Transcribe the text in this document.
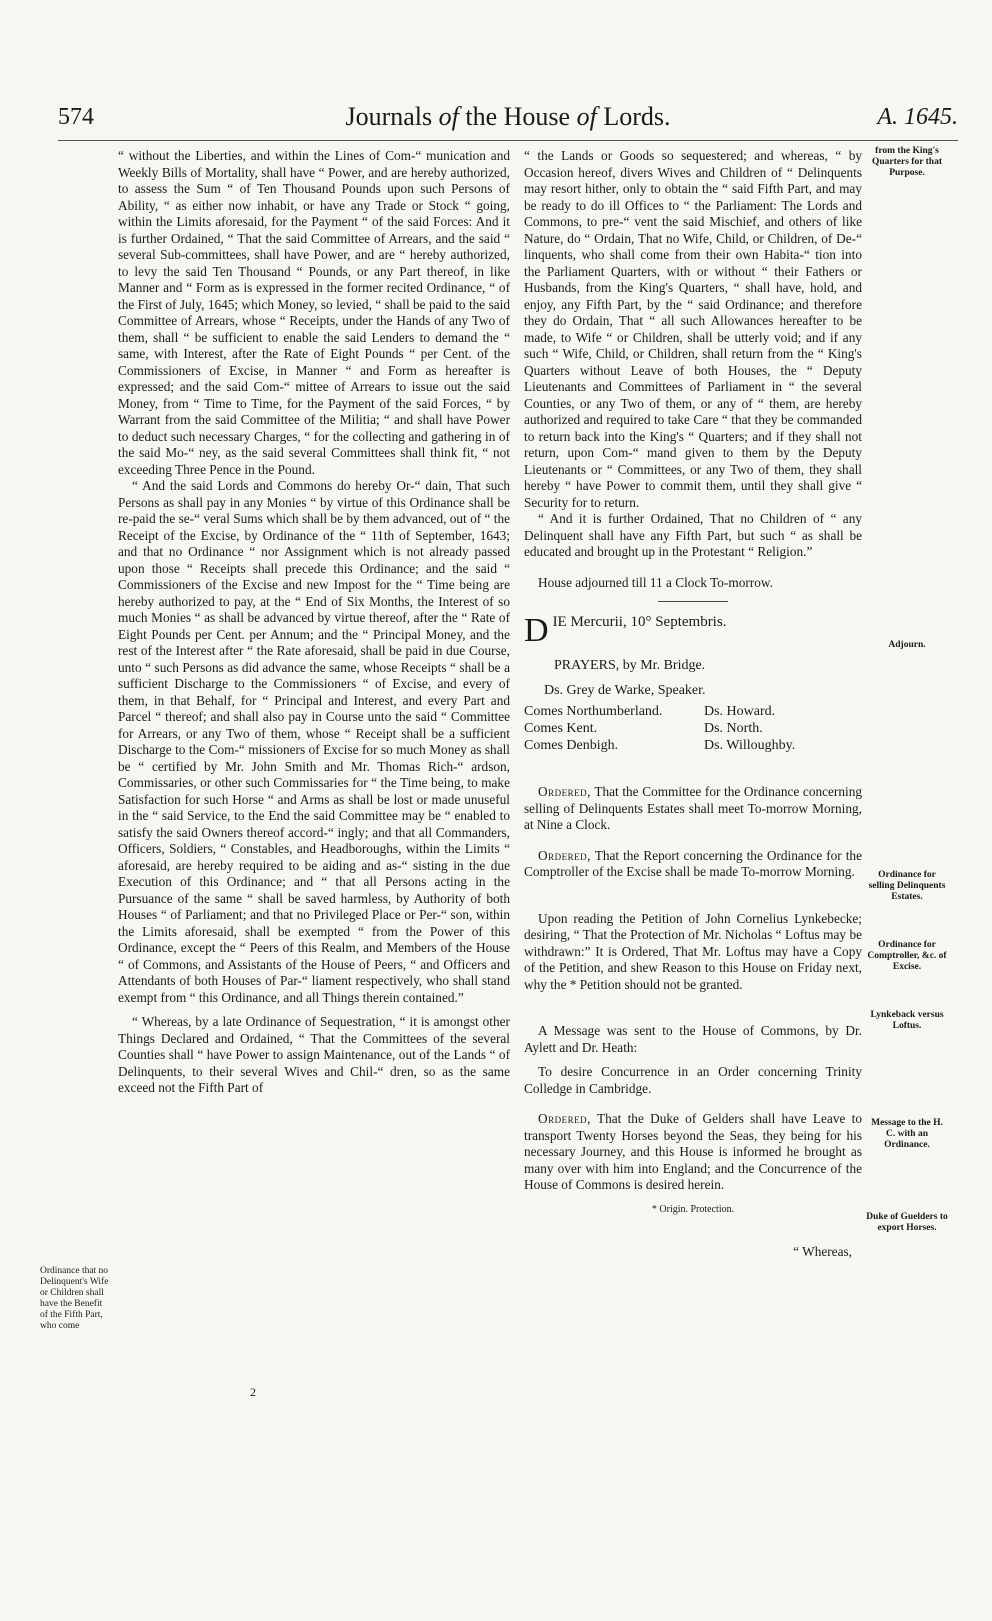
574	Journals of the House of Lords.	A. 1645.

“ without the Liberties, and within the Lines of Com-“ munication and Weekly Bills of Mortality, shall have “ Power, and are hereby authorized, to assess the Sum “ of Ten Thousand Pounds upon such Persons of Ability, “ as either now inhabit, or have any Trade or Stock “ going, within the Limits aforesaid, for the Payment “ of the said Forces: And it is further Ordained, “ That the said Committee of Arrears, and the said “ several Sub-committees, shall have Power, and are “ hereby authorized, to levy the said Ten Thousand “ Pounds, or any Part thereof, in like Manner and “ Form as is expressed in the former recited Ordinance, “ of the First of July, 1645; which Money, so levied, “ shall be paid to the said Committee of Arrears, whose “ Receipts, under the Hands of any Two of them, shall “ be sufficient to enable the said Lenders to demand the “ same, with Interest, after the Rate of Eight Pounds “ per Cent. of the Commissioners of Excise, in Manner “ and Form as hereafter is expressed; and the said Com-“ mittee of Arrears to issue out the said Money, from “ Time to Time, for the Payment of the said Forces, “ by Warrant from the said Committee of the Militia; “ and shall have Power to deduct such necessary Charges, “ for the collecting and gathering in of the said Mo-“ ney, as the said several Committees shall think fit, “ not exceeding Three Pence in the Pound.

“ And the said Lords and Commons do hereby Or-“ dain, That such Persons as shall pay in any Monies “ by virtue of this Ordinance shall be re-paid the se-“ veral Sums which shall be by them advanced, out of “ the Receipt of the Excise, by Ordinance of the “ 11th of September, 1643; and that no Ordinance “ nor Assignment which is not already passed upon those “ Receipts shall precede this Ordinance; and the said “ Commissioners of the Excise and new Impost for the “ Time being are hereby authorized to pay, at the “ End of Six Months, the Interest of so much Monies “ as shall be advanced by virtue thereof, after the “ Rate of Eight Pounds per Cent. per Annum; and the “ Principal Money, and the rest of the Interest after “ the Rate aforesaid, shall be paid in due Course, unto “ such Persons as did advance the same, whose Receipts “ shall be a sufficient Discharge to the Commissioners “ of Excise, and every of them, in that Behalf, for “ Principal and Interest, and every Part and Parcel “ thereof; and shall also pay in Course unto the said “ Committee for Arrears, or any Two of them, whose “ Receipt shall be a sufficient Discharge to the Com-“ missioners of Excise for so much Money as shall be “ certified by Mr. John Smith and Mr. Thomas Rich-“ ardson, Commissaries, or other such Commissaries for “ the Time being, to make Satisfaction for such Horse “ and Arms as shall be lost or made unuseful in the “ said Service, to the End the said Committee may be “ enabled to satisfy the said Owners thereof accord-“ ingly; and that all Commanders, Officers, Soldiers, “ Constables, and Headboroughs, within the Limits “ aforesaid, are hereby required to be aiding and as-“ sisting in the due Execution of this Ordinance; and “ that all Persons acting in the Pursuance of the same “ shall be saved harmless, by Authority of both Houses “ of Parliament; and that no Privileged Place or Per-“ son, within the Limits aforesaid, shall be exempted “ from the Power of this Ordinance, except the “ Peers of this Realm, and Members of the House “ of Commons, and Assistants of the House of Peers, “ and Officers and Attendants of both Houses of Par-“ liament respectively, who shall stand exempt from “ this Ordinance, and all Things therein contained.”

“ Whereas, by a late Ordinance of Sequestration, “ it is amongst other Things Declared and Ordained, “ That the Committees of the several Counties shall “ have Power to assign Maintenance, out of the Lands “ of Delinquents, to their several Wives and Chil-“ dren, so as the same exceed not the Fifth Part of

2

“ the Lands or Goods so sequestered; and whereas, “ by Occasion hereof, divers Wives and Children of “ Delinquents may resort hither, only to obtain the “ said Fifth Part, and may be ready to do ill Offices to “ the Parliament: The Lords and Commons, to pre-“ vent the said Mischief, and others of like Nature, do “ Ordain, That no Wife, Child, or Children, of De-“ linquents, who shall come from their own Habita-“ tion into the Parliament Quarters, with or without “ their Fathers or Husbands, from the King's Quarters, “ shall have, hold, and enjoy, any Fifth Part, by the “ said Ordinance; and therefore they do Ordain, That “ all such Allowances hereafter to be made, to Wife “ or Children, shall be utterly void; and if any such “ Wife, Child, or Children, shall return from the “ King's Quarters without Leave of both Houses, the “ Deputy Lieutenants and Committees of Parliament in “ the several Counties, or any Two of them, or any of “ them, are hereby authorized and required to take Care “ that they be commanded to return back into the King's “ Quarters; and if they shall not return, upon Com-“ mand given to them by the Deputy Lieutenants or “ Committees, or any Two of them, they shall hereby “ have Power to commit them, until they shall give “ Security for to return.

“ And it is further Ordained, That no Children of “ any Delinquent shall have any Fifth Part, but such “ as shall be educated and brought up in the Protestant “ Religion.”

House adjourned till 11 a Clock To-morrow.

D IE Mercurii, 10° Septembris.
PRAYERS, by Mr. Bridge.
Ds. Grey de Warke, Speaker.
Comes Northumberland.
Comes Kent.
Comes Denbigh.
Ds. Howard.
Ds. North.
Ds. Willoughby.

Ordered, That the Committee for the Ordinance concerning selling of Delinquents Estates shall meet To-morrow Morning, at Nine a Clock.

Ordered, That the Report concerning the Ordinance for the Comptroller of the Excise shall be made To-morrow Morning.

Upon reading the Petition of John Cornelius Lynkebecke; desiring, “ That the Protection of Mr. Nicholas “ Loftus may be withdrawn:” It is Ordered, That Mr. Loftus may have a Copy of the Petition, and shew Reason to this House on Friday next, why the * Petition should not be granted.

A Message was sent to the House of Commons, by Dr. Aylett and Dr. Heath:

To desire Concurrence in an Order concerning Trinity Colledge in Cambridge.

Ordered, That the Duke of Gelders shall have Leave to transport Twenty Horses beyond the Seas, they being for his necessary Journey, and this House is informed he brought as many over with him into England; and the Concurrence of the House of Commons is desired herein.

* Origin. Protection.
“ Whereas,
Ordinance that no Delinquent's Wife or Children shall have the Benefit of the Fifth Part, who come
from the King's Quarters for that Purpose.
Adjourn.
Ordinance for selling Delinquents Estates.
Ordinance for Comptroller, &c. of Excise.
Lynkeback versus Loftus.
Message to the H. C. with an Ordinance.
Duke of Guelders to export Horses.
